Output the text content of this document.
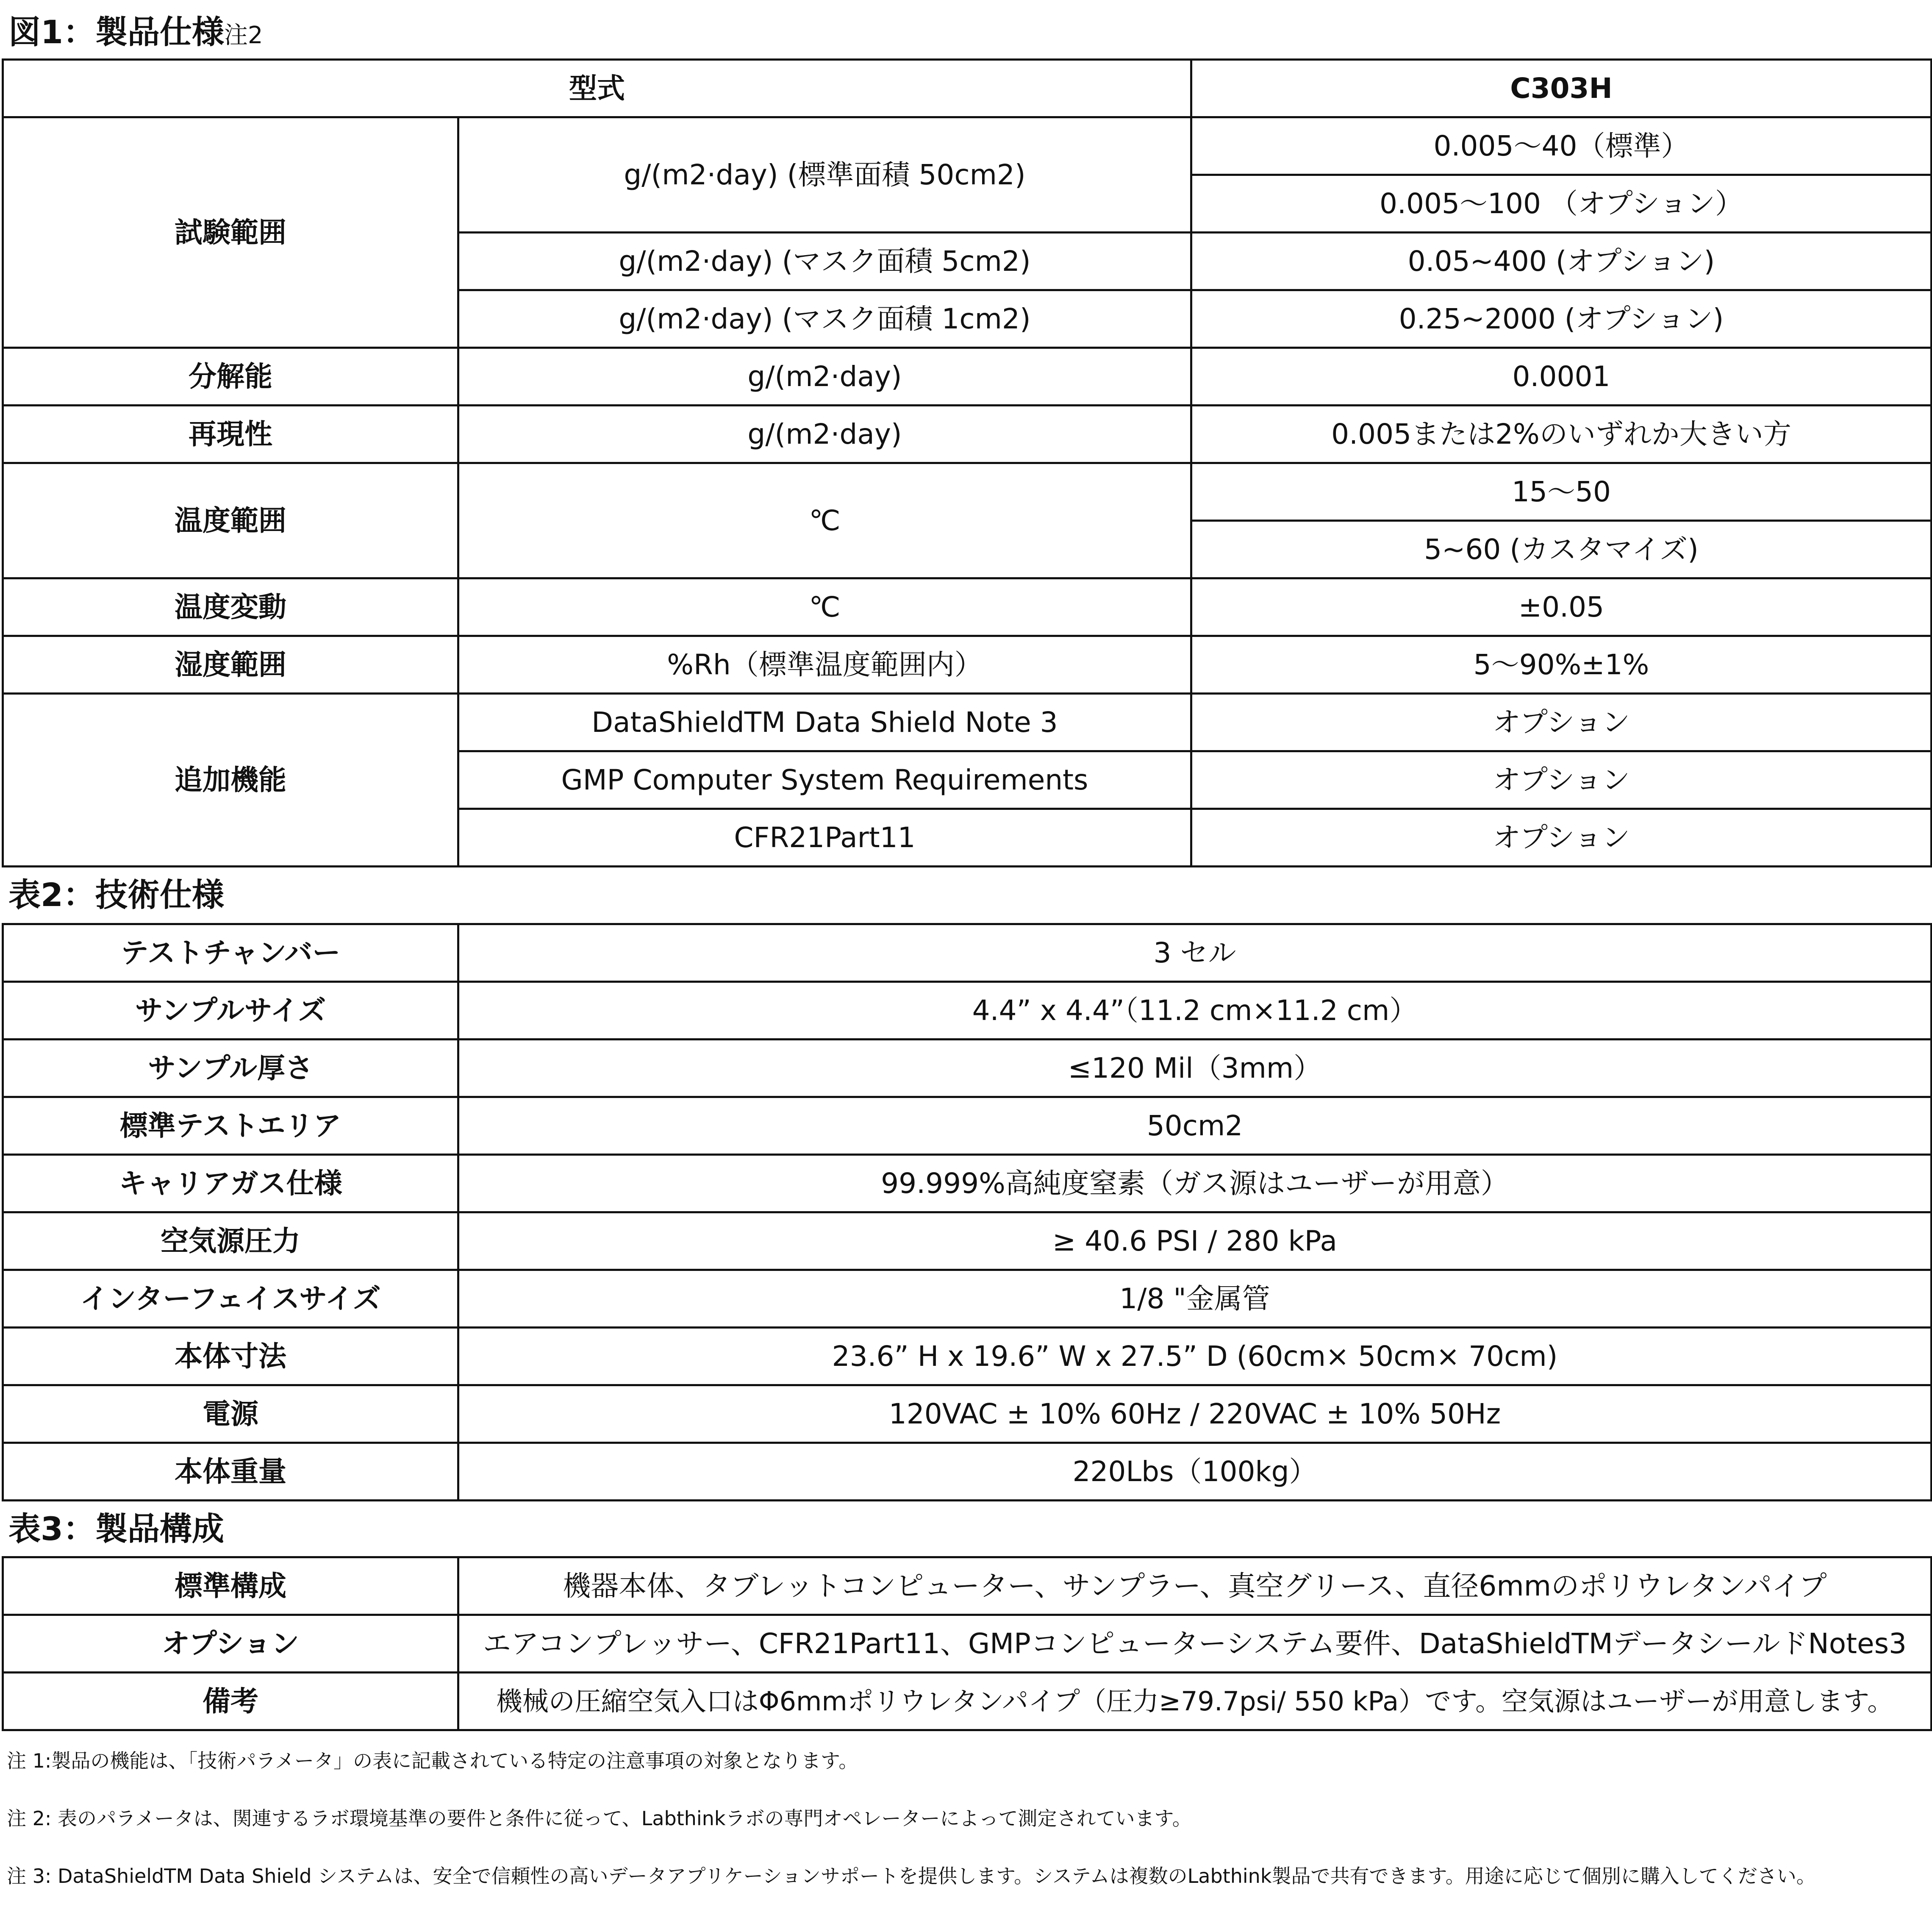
図1：製品仕様注2
型式		C303H
試験範囲	g/(m2·day) (標準面積 50cm2)	0.005～40（標準）
		0.005～100 （オプション）
	g/(m2·day) (マスク面積 5cm2)	0.05~400 (オプション)
	g/(m2·day) (マスク面積 1cm2)	0.25~2000 (オプション)
分解能	g/(m2·day)	0.0001
再現性	g/(m2·day)	0.005または2%のいずれか大きい方
温度範囲	℃	15～50
		5~60 (カスタマイズ)
温度変動	℃	±0.05
湿度範囲	%Rh（標準温度範囲内）	5～90%±1%
追加機能	DataShieldTM Data Shield Note 3	オプション
	GMP Computer System Requirements	オプション
	CFR21Part11	オプション
表2：技術仕様
テストチャンバー	3 セル
サンプルサイズ	4.4” x 4.4”（11.2 cm×11.2 cm）
サンプル厚さ	≤120 Mil（3mm）
標準テストエリア	50cm2
キャリアガス仕様	99.999%高純度窒素（ガス源はユーザーが用意）
空気源圧力	≥ 40.6 PSI / 280 kPa
インターフェイスサイズ	1/8 "金属管
本体寸法	23.6” H x 19.6” W x 27.5” D (60cm× 50cm× 70cm)
電源	120VAC ± 10% 60Hz / 220VAC ± 10% 50Hz
本体重量	220Lbs（100kg）
表3：製品構成
標準構成	機器本体、タブレットコンピューター、サンプラー、真空グリース、直径6mmのポリウレタンパイプ
オプション	エアコンプレッサー、CFR21Part11、GMPコンピューターシステム要件、DataShieldTMデータシールドNotes3
備考	機械の圧縮空気入口はΦ6mmポリウレタンパイプ（圧力≥79.7psi/ 550 kPa）です。空気源はユーザーが用意します。
注 1:製品の機能は、「技術パラメータ」の表に記載されている特定の注意事項の対象となります。
注 2: 表のパラメータは、関連するラボ環境基準の要件と条件に従って、Labthinkラボの専門オペレーターによって測定されています。
注 3: DataShieldTM Data Shield システムは、安全で信頼性の高いデータアプリケーションサポートを提供します。システムは複数のLabthink製品で共有できます。用途に応じて個別に購入してください。
